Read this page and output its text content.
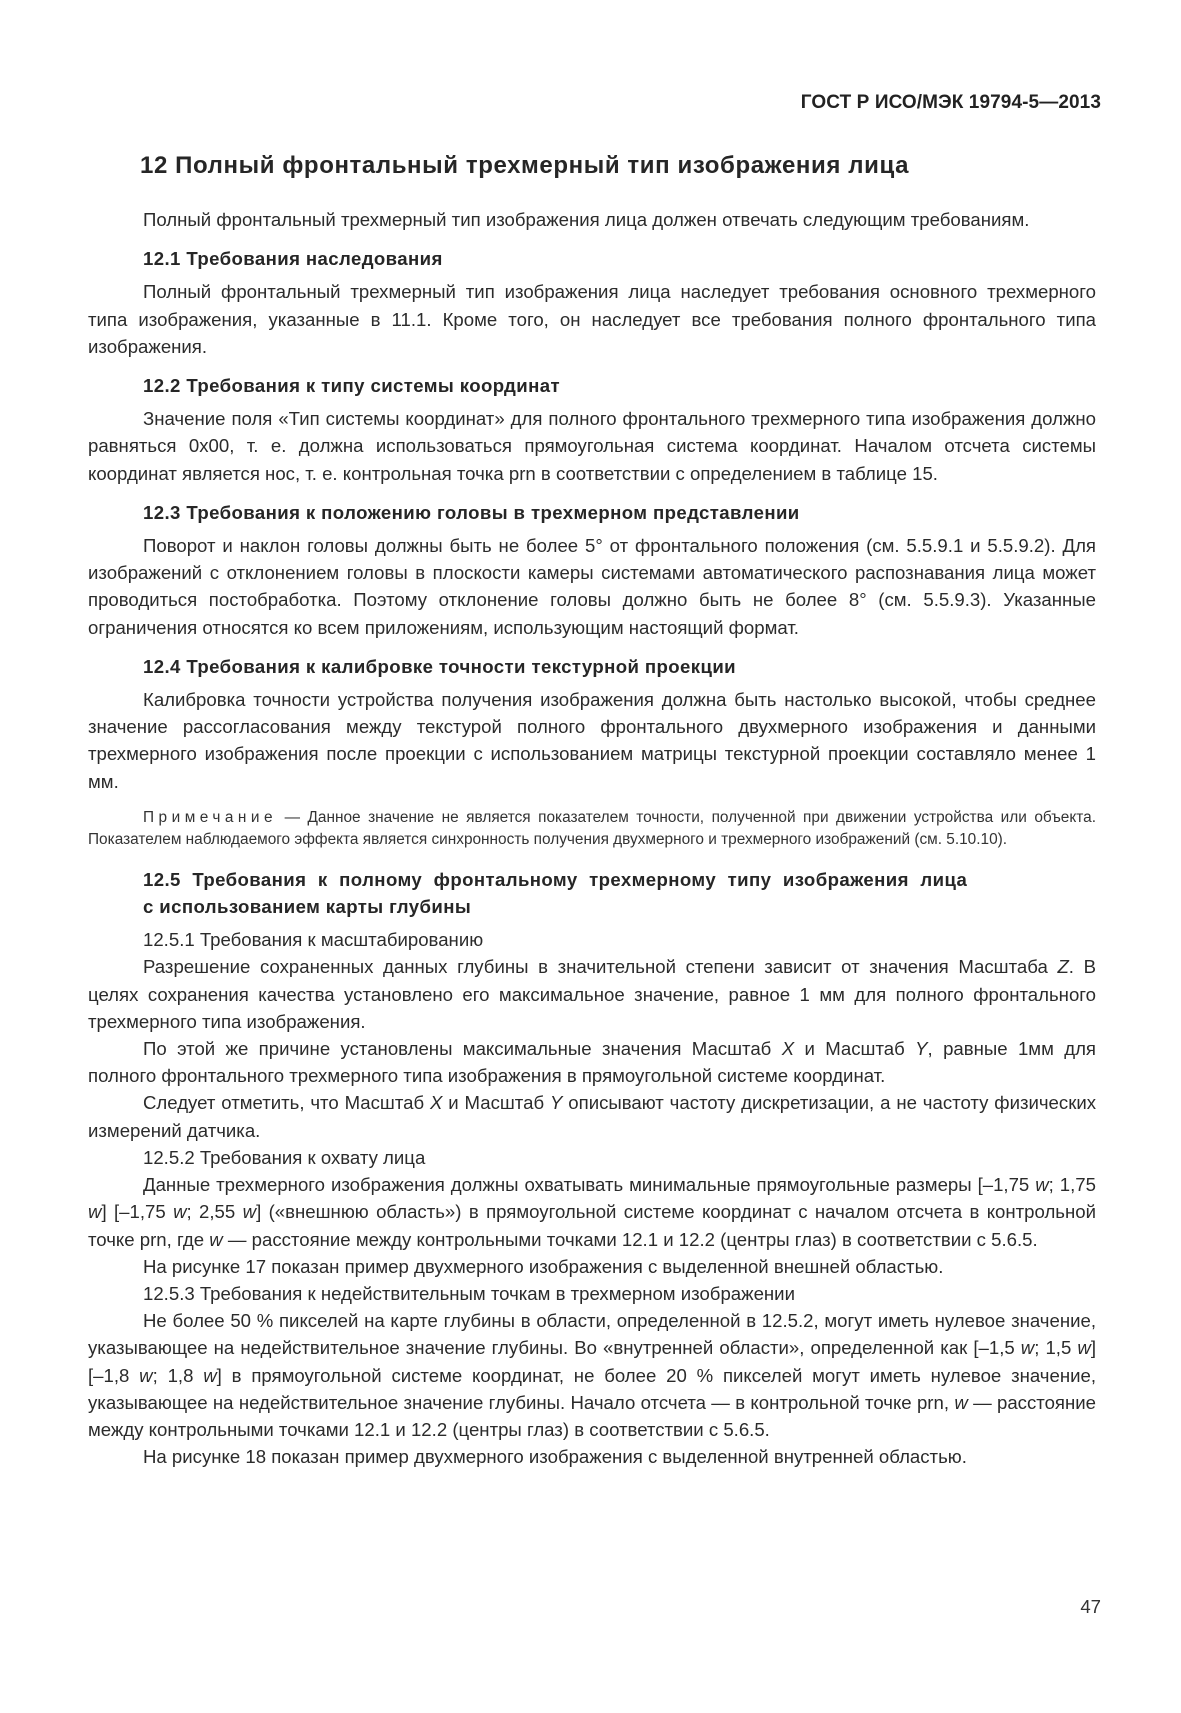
ГОСТ Р ИСО/МЭК 19794-5—2013
12 Полный фронтальный трехмерный тип изображения лица

Полный фронтальный трехмерный тип изображения лица должен отвечать следующим требованиям.

12.1 Требования наследования

Полный фронтальный трехмерный тип изображения лица наследует требования основного трехмерного типа изображения, указанные в 11.1. Кроме того, он наследует все требования полного фронтального типа изображения.

12.2 Требования к типу системы координат

Значение поля «Тип системы координат» для полного фронтального трехмерного типа изображения должно равняться 0x00, т. е. должна использоваться прямоугольная система координат. Началом отсчета системы координат является нос, т. е. контрольная точка prn в соответствии с определением в таблице 15.

12.3 Требования к положению головы в трехмерном представлении

Поворот и наклон головы должны быть не более 5° от фронтального положения (см. 5.5.9.1 и 5.5.9.2). Для изображений с отклонением головы в плоскости камеры системами автоматического распознавания лица может проводиться постобработка. Поэтому отклонение головы должно быть не более 8° (см. 5.5.9.3). Указанные ограничения относятся ко всем приложениям, использующим настоящий формат.

12.4 Требования к калибровке точности текстурной проекции

Калибровка точности устройства получения изображения должна быть настолько высокой, чтобы среднее значение рассогласования между текстурой полного фронтального двухмерного изображения и данными трехмерного изображения после проекции с использованием матрицы текстурной проекции составляло менее 1 мм.

Примечание — Данное значение не является показателем точности, полученной при движении устройства или объекта. Показателем наблюдаемого эффекта является синхронность получения двухмерного и трехмерного изображений (см. 5.10.10).
12.5 Требования к полному фронтальному трехмерному типу изображения лица
с использованием карты глубины

12.5.1 Требования к масштабированию

Разрешение сохраненных данных глубины в значительной степени зависит от значения Масштаба Z. В целях сохранения качества установлено его максимальное значение, равное 1 мм для полного фронтального трехмерного типа изображения.

По этой же причине установлены максимальные значения Масштаб X и Масштаб Y, равные 1мм для полного фронтального трехмерного типа изображения в прямоугольной системе координат.

Следует отметить, что Масштаб X и Масштаб Y описывают частоту дискретизации, а не частоту физических измерений датчика.

12.5.2 Требования к охвату лица

Данные трехмерного изображения должны охватывать минимальные прямоугольные размеры [–1,75 w; 1,75 w] [–1,75 w; 2,55 w] («внешнюю область») в прямоугольной системе координат с началом отсчета в контрольной точке prn, где w — расстояние между контрольными точками 12.1 и 12.2 (центры глаз) в соответствии с 5.6.5.

На рисунке 17 показан пример двухмерного изображения с выделенной внешней областью.

12.5.3 Требования к недействительным точкам в трехмерном изображении

Не более 50 % пикселей на карте глубины в области, определенной в 12.5.2, могут иметь нулевое значение, указывающее на недействительное значение глубины. Во «внутренней области», определенной как [–1,5 w; 1,5 w] [–1,8 w; 1,8 w] в прямоугольной системе координат, не более 20 % пикселей могут иметь нулевое значение, указывающее на недействительное значение глубины. Начало отсчета — в контрольной точке prn, w — расстояние между контрольными точками 12.1 и 12.2 (центры глаз) в соответствии с 5.6.5.

На рисунке 18 показан пример двухмерного изображения с выделенной внутренней областью.

47
